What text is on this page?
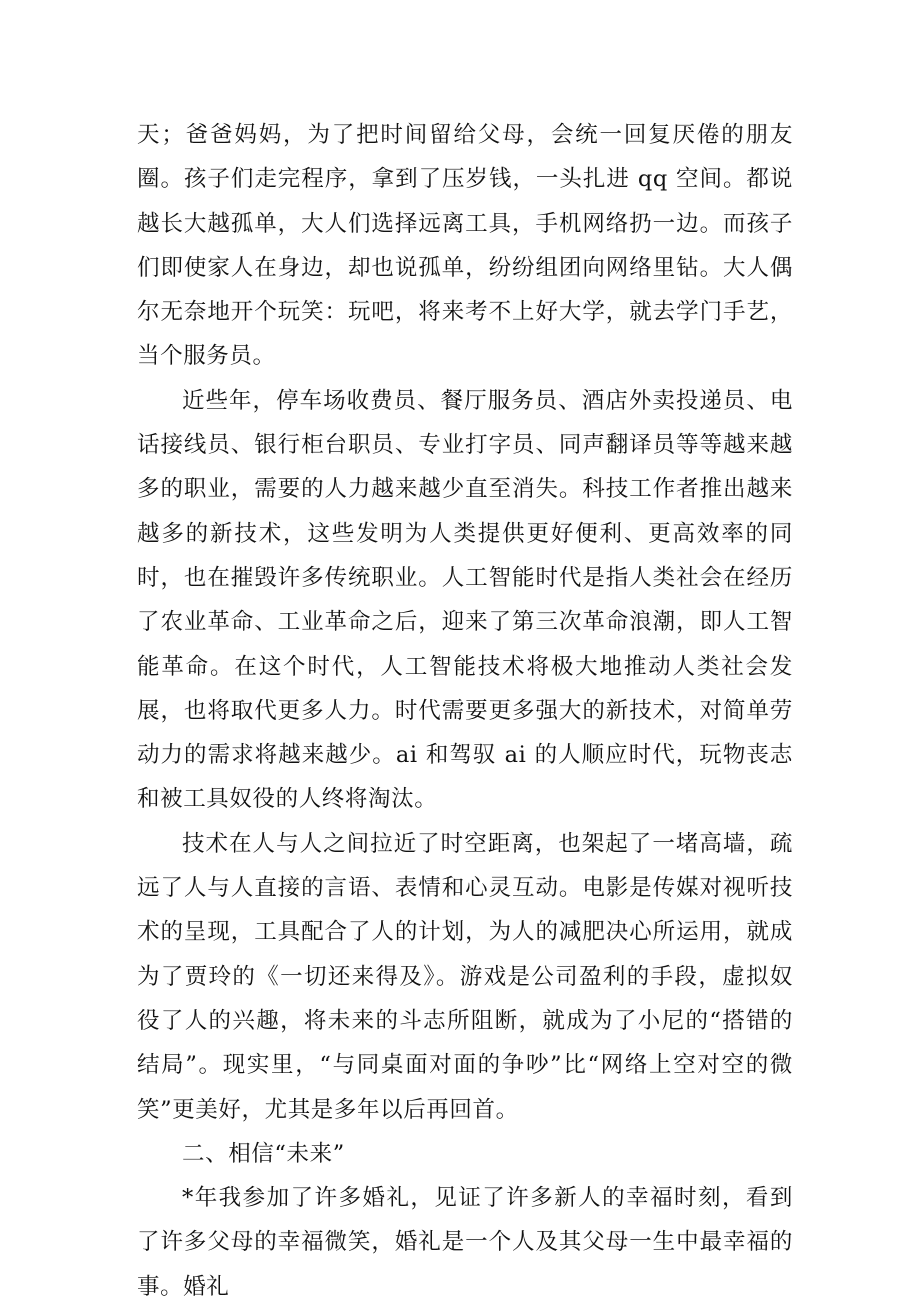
天；爸爸妈妈，为了把时间留给父母，会统一回复厌倦的朋友圈。孩子们走完程序，拿到了压岁钱，一头扎进 qq 空间。都说越长大越孤单，大人们选择远离工具，手机网络扔一边。而孩子们即使家人在身边，却也说孤单，纷纷组团向网络里钻。大人偶尔无奈地开个玩笑：玩吧，将来考不上好大学，就去学门手艺，当个服务员。

近些年，停车场收费员、餐厅服务员、酒店外卖投递员、电话接线员、银行柜台职员、专业打字员、同声翻译员等等越来越多的职业，需要的人力越来越少直至消失。科技工作者推出越来越多的新技术，这些发明为人类提供更好便利、更高效率的同时，也在摧毁许多传统职业。人工智能时代是指人类社会在经历了农业革命、工业革命之后，迎来了第三次革命浪潮，即人工智能革命。在这个时代，人工智能技术将极大地推动人类社会发展，也将取代更多人力。时代需要更多强大的新技术，对简单劳动力的需求将越来越少。ai 和驾驭 ai 的人顺应时代，玩物丧志和被工具奴役的人终将淘汰。

技术在人与人之间拉近了时空距离，也架起了一堵高墙，疏远了人与人直接的言语、表情和心灵互动。电影是传媒对视听技术的呈现，工具配合了人的计划，为人的减肥决心所运用，就成为了贾玲的《一切还来得及》。游戏是公司盈利的手段，虚拟奴役了人的兴趣，将未来的斗志所阻断，就成为了小尼的“搭错的结局”。现实里，“与同桌面对面的争吵”比“网络上空对空的微笑”更美好，尤其是多年以后再回首。

二、相信“未来”

*年我参加了许多婚礼，见证了许多新人的幸福时刻，看到了许多父母的幸福微笑，婚礼是一个人及其父母一生中最幸福的事。婚礼
